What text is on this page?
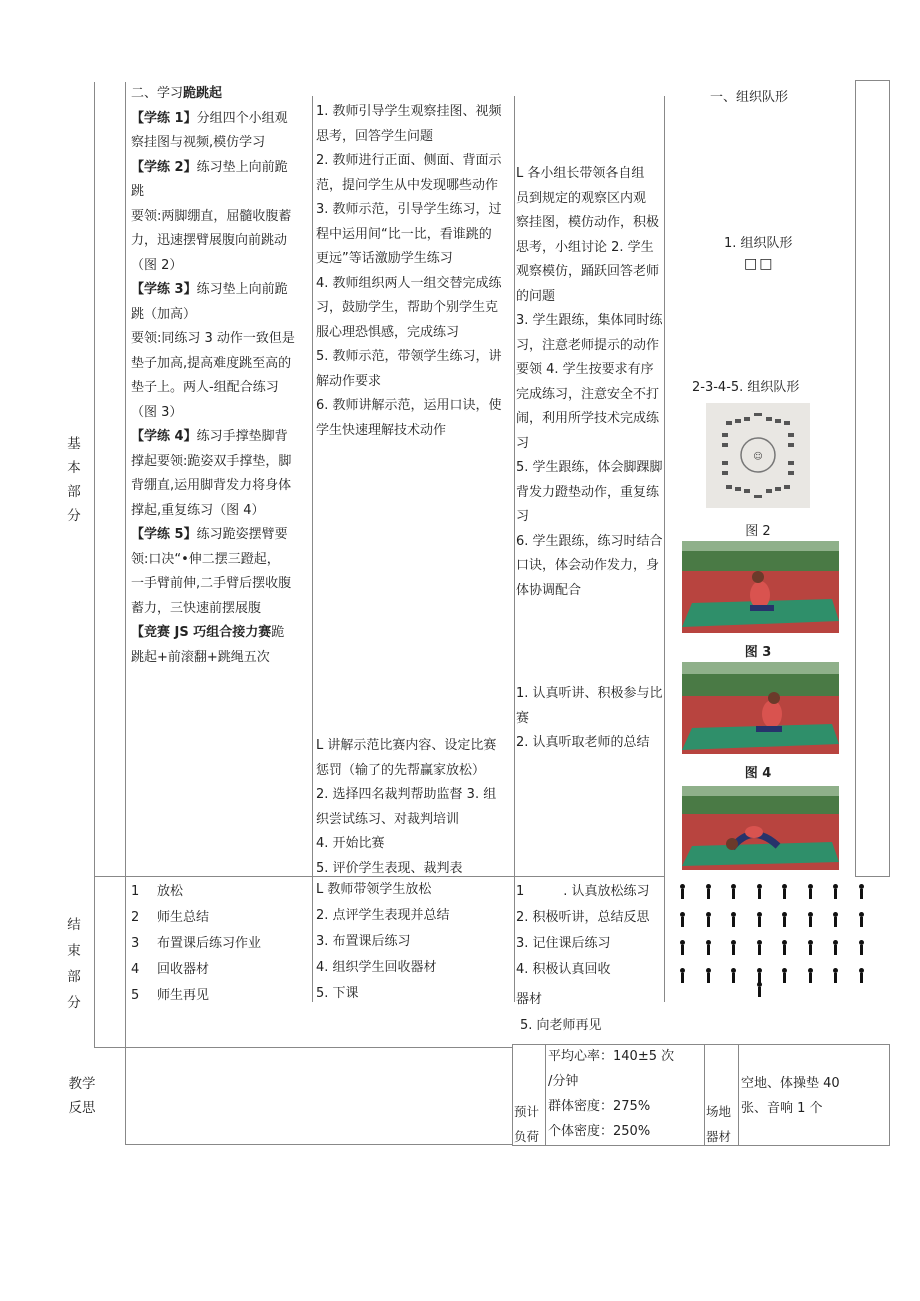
基
本
部
分
结
束
部
分
教学
反思
二、学习跪跳起
【学练 1】分组四个小组观
察挂图与视频,模仿学习
【学练 2】练习垫上向前跪
跳
要领:两脚绷直，屈髓收腹蓄
力，迅速摆臂展腹向前跳动
（图 2）
【学练 3】练习垫上向前跪
跳（加高）
要领:同练习 3 动作一致但是
垫子加高,提高难度跳至高的
垫子上。两人-组配合练习
（图 3）
【学练 4】练习手撑垫脚背
撑起要领:跪姿双手撑垫，脚
背绷直,运用脚背发力将身体
撑起,重复练习（图 4）
【学练 5】练习跪姿摆臂要
领:口决“•伸二摆三蹬起，
一手臂前伸,二手臂后摆收腹
蓄力，三快速前摆展腹
【竞赛 JS 巧组合接力赛跪
跳起+前滚翻+跳绳五次
1. 教师引导学生观察挂图、视频
思考，回答学生问题
2. 教师进行正面、侧面、背面示
范，提问学生从中发现哪些动作
3. 教师示范，引导学生练习，过
程中运用间“比一比，看谁跳的
更远”等话激励学生练习
4. 教师组织两人一组交替完成练
习，鼓励学生，帮助个别学生克
服心理恐惧感，完成练习
5. 教师示范，带领学生练习，讲
解动作要求
6. 教师讲解示范，运用口诀，使
学生快速理解技术动作
L 讲解示范比赛内容、设定比赛
惩罚（输了的先帮赢家放松）
2. 选择四名裁判帮助监督 3. 组
织尝试练习、对裁判培训
4. 开始比赛
5. 评价学生表现、裁判表
L 各小组长带领各自组
员到规定的观察区内观
察挂图，模仿动作，积极
思考，小组讨论 2. 学生
观察模仿，踊跃回答老师
的问题
3. 学生跟练，集体同时练
习，注意老师提示的动作
要领 4. 学生按要求有序
完成练习，注意安全不打
闹，利用所学技术完成练
习
5. 学生跟练，体会脚踝脚
背发力蹬垫动作，重复练
习
6. 学生跟练，练习时结合
口诀，体会动作发力，身
体协调配合
1. 认真听讲、积极参与比
赛
2. 认真听取老师的总结
一、组织队形
1. 组织队形
□□
2-3-4-5. 组织队形
☺
图 2
图 3
图 4
1 放松
2 师生总结
3 布置课后练习作业
4 回收器材
5 师生再见
L 教师带领学生放松
2. 点评学生表现并总结
3. 布置课后练习
4. 组织学生回收器材
5. 下课
1　　　. 认真放松练习
2. 积极听讲，总结反思
3. 记住课后练习
4. 积极认真回收
器材
5. 向老师再见
预计
负荷
平均心率：140±5 次
/分钟
群体密度：275%
个体密度：250%
场地
器材
空地、体操垫 40
张、音响 1 个
